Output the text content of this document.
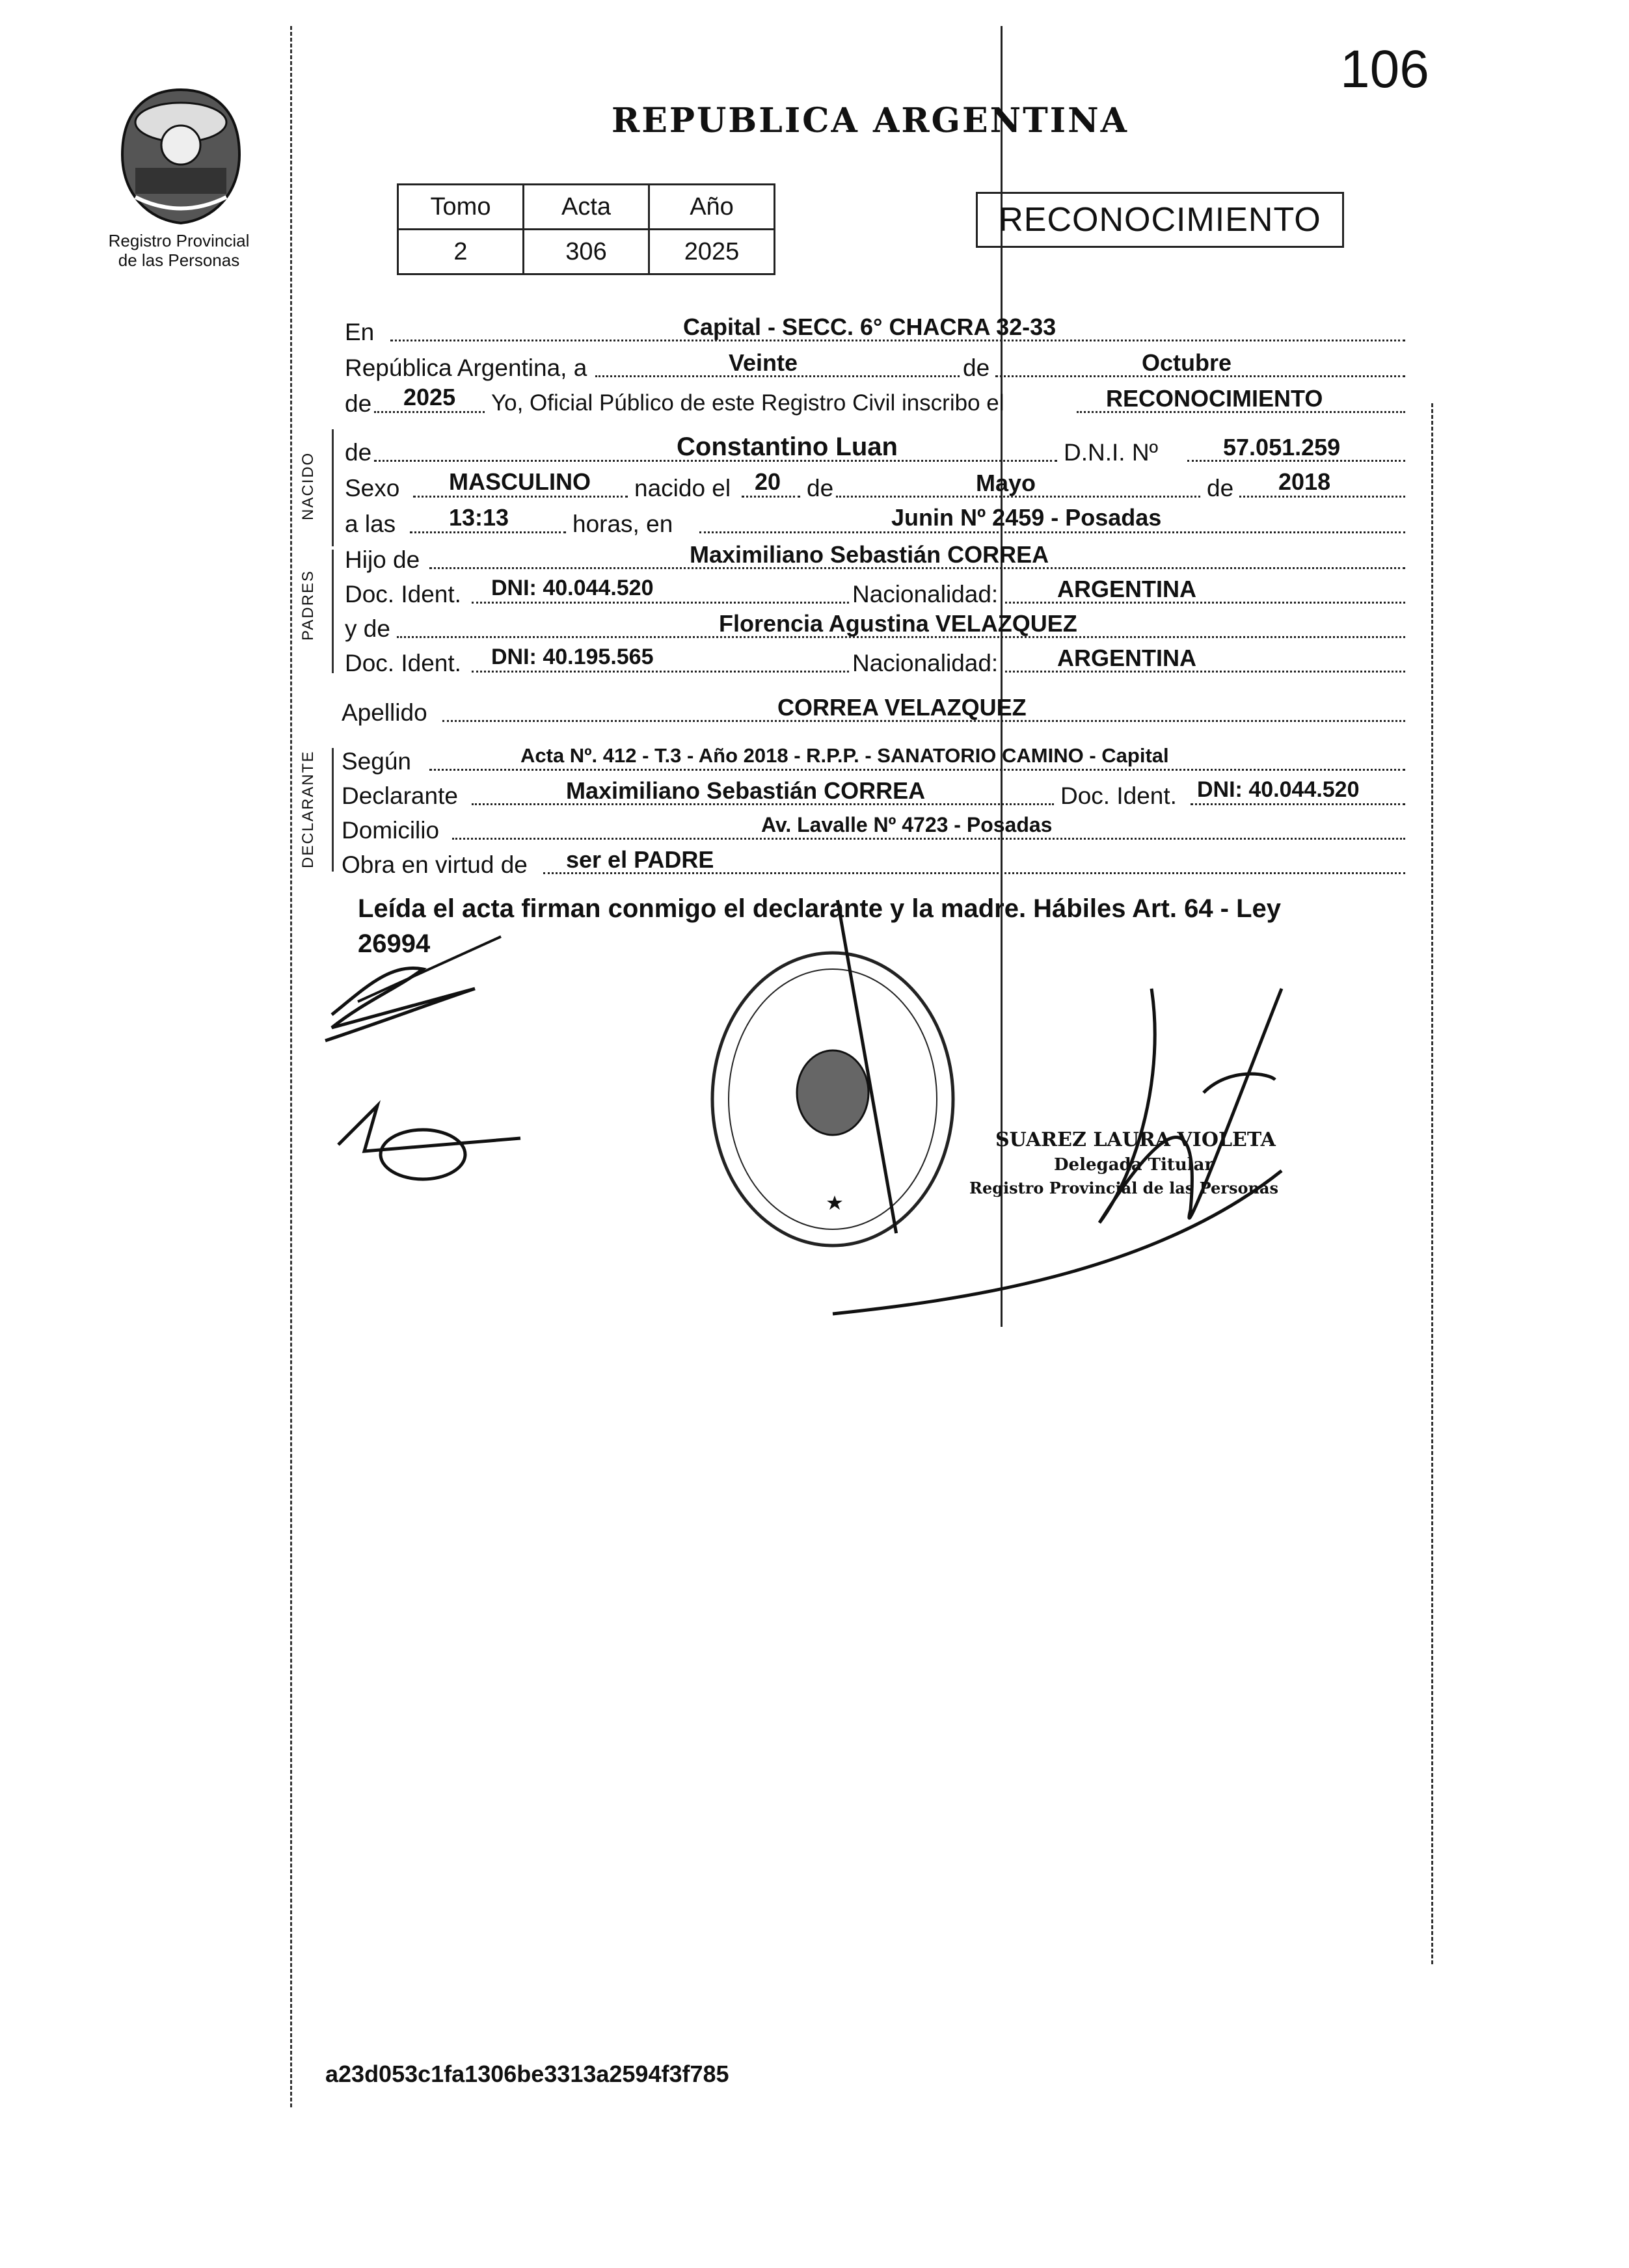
Registro Provincial
de las Personas
106
REPUBLICA ARGENTINA
Tomo	Acta	Año
2	306	2025
RECONOCIMIENTO
En	Capital - SECC. 6° CHACRA 32-33
República Argentina, a	Veinte	de	Octubre
de 2025 Yo, Oficial Público de este Registro Civil inscribo el	RECONOCIMIENTO
NACIDO de	Constantino Luan	D.N.I. Nº	57.051.259
Sexo MASCULINO nacido el 20 de	Mayo	de 2018
a las 13:13	horas, en	Junin Nº 2459 - Posadas
PADRES
Hijo de	Maximiliano Sebastián CORREA
Doc. Ident. DNI: 40.044.520	Nacionalidad:	ARGENTINA
y de	Florencia Agustina VELAZQUEZ
Doc. Ident. DNI: 40.195.565	Nacionalidad:	ARGENTINA
Apellido	CORREA VELAZQUEZ
DECLARANTE Según	Acta Nº. 412 - T.3 - Año 2018 - R.P.P. - SANATORIO CAMINO - Capital
Declarante	Maximiliano Sebastián CORREA	Doc. Ident. DNI: 40.044.520
Domicilio	Av. Lavalle Nº 4723 - Posadas
Obra en virtud de ser el PADRE
Leída el acta firman conmigo el declarante y la madre. Hábiles Art. 64 - Ley
26994
SUAREZ LAURA VIOLETA
Delegada Titular
Registro Provincial de las Personas
a23d053c1fa1306be3313a2594f3f785
